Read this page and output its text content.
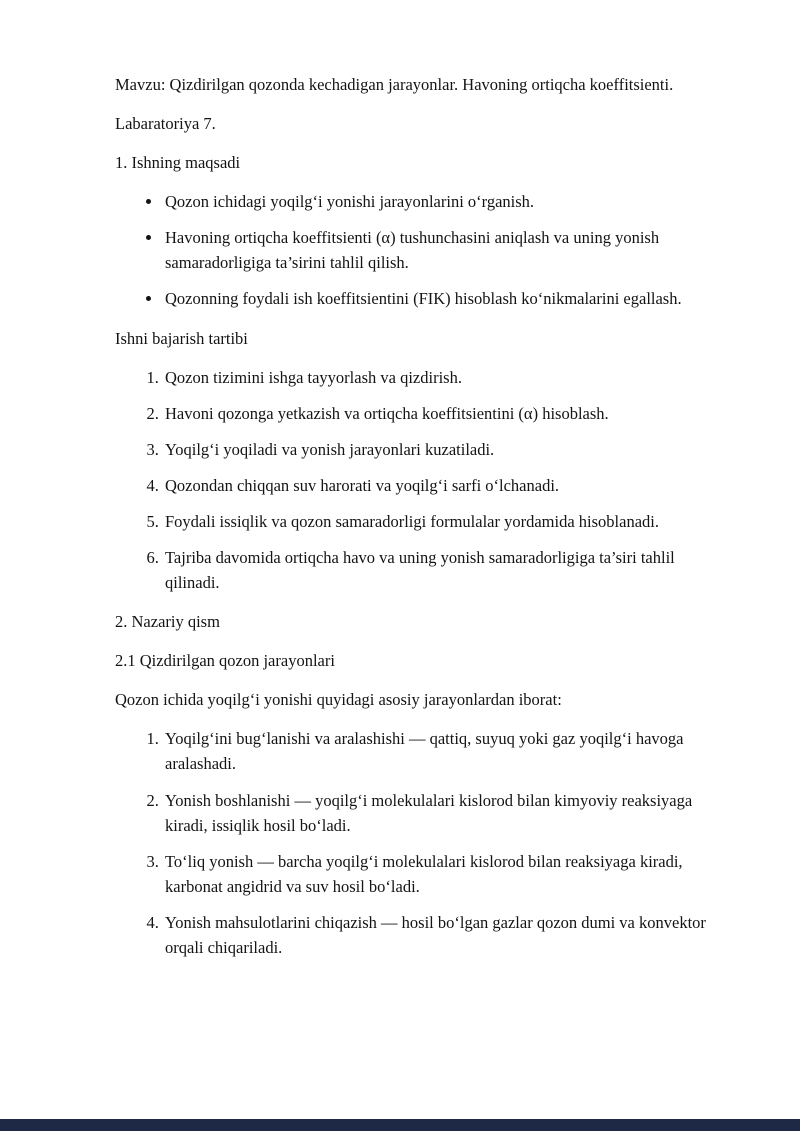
Mavzu: Qizdirilgan qozonda kechadigan jarayonlar. Havoning ortiqcha koeffitsienti.

Labaratoriya 7.

1. Ishning maqsadi

• Qozon ichidagi yoqilgʻi yonishi jarayonlarini oʻrganish.
• Havoning ortiqcha koeffitsienti (α) tushunchasini aniqlash va uning yonish samaradorligiga ta’sirini tahlil qilish.
• Qozonning foydali ish koeffitsientini (FIK) hisoblash koʻnikmalarini egallash.

Ishni bajarish tartibi

1. Qozon tizimini ishga tayyorlash va qizdirish.
2. Havoni qozonga yetkazish va ortiqcha koeffitsientini (α) hisoblash.
3. Yoqilgʻi yoqiladi va yonish jarayonlari kuzatiladi.
4. Qozondan chiqqan suv harorati va yoqilgʻi sarfi oʻlchanadi.
5. Foydali issiqlik va qozon samaradorligi formulalar yordamida hisoblanadi.
6. Tajriba davomida ortiqcha havo va uning yonish samaradorligiga ta’siri tahlil qilinadi.

2. Nazariy qism

2.1 Qizdirilgan qozon jarayonlari

Qozon ichida yoqilgʻi yonishi quyidagi asosiy jarayonlardan iborat:

1. Yoqilgʻini bugʻlanishi va aralashishi — qattiq, suyuq yoki gaz yoqilgʻi havoga aralashadi.
2. Yonish boshlanishi — yoqilgʻi molekulalari kislorod bilan kimyoviy reaksiyaga kiradi, issiqlik hosil boʻladi.
3. Toʻliq yonish — barcha yoqilgʻi molekulalari kislorod bilan reaksiyaga kiradi, karbonat angidrid va suv hosil boʻladi.
4. Yonish mahsulotlarini chiqazish — hosil boʻlgan gazlar qozon dumi va konvektor orqali chiqariladi.
